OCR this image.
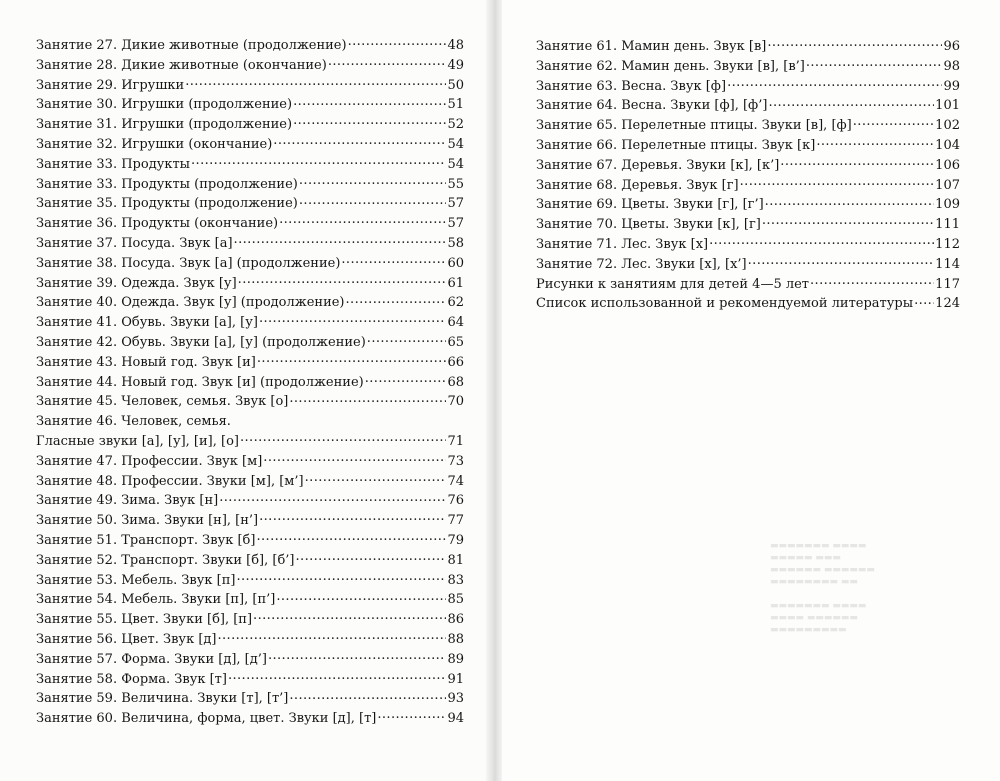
Занятие 27. Дикие животные (продолжение) .....	48
Занятие 28. Дикие животные (окончание) .....	49
Занятие 29. Игрушки .....	50
Занятие 30. Игрушки (продолжение) .....	51
Занятие 31. Игрушки (продолжение) .....	52
Занятие 32. Игрушки (окончание) .....	54
Занятие 33. Продукты .....	54
Занятие 33. Продукты (продолжение) .....	55
Занятие 35. Продукты (продолжение) .....	57
Занятие 36. Продукты (окончание) .....	57
Занятие 37. Посуда. Звук [а] .....	58
Занятие 38. Посуда. Звук [а] (продолжение) .....	60
Занятие 39. Одежда. Звук [у] .....	61
Занятие 40. Одежда. Звук [у] (продолжение) .....	62
Занятие 41. Обувь. Звуки [а], [у] .....	64
Занятие 42. Обувь. Звуки [а], [у] (продолжение) .....	65
Занятие 43. Новый год. Звук [и] .....	66
Занятие 44. Новый год. Звук [и] (продолжение) .....	68
Занятие 45. Человек, семья. Звук [о] .....	70
Занятие 46. Человек, семья.
Гласные звуки [а], [у], [и], [о] .....	71
Занятие 47. Профессии. Звук [м] .....	73
Занятие 48. Профессии. Звуки [м], [м’] .....	74
Занятие 49. Зима. Звук [н] .....	76
Занятие 50. Зима. Звуки [н], [н’] .....	77
Занятие 51. Транспорт. Звук [б] .....	79
Занятие 52. Транспорт. Звуки [б], [б’] .....	81
Занятие 53. Мебель. Звук [п] .....	83
Занятие 54. Мебель. Звуки [п], [п’] .....	85
Занятие 55. Цвет. Звуки [б], [п] .....	86
Занятие 56. Цвет. Звук [д] .....	88
Занятие 57. Форма. Звуки [д], [д’] .....	89
Занятие 58. Форма. Звук [т] .....	91
Занятие 59. Величина. Звуки [т], [т’] .....	93
Занятие 60. Величина, форма, цвет. Звуки [д], [т] .....	94
Занятие 61. Мамин день. Звук [в] .....	96
Занятие 62. Мамин день. Звуки [в], [в’] .....	98
Занятие 63. Весна. Звук [ф] .....	99
Занятие 64. Весна. Звуки [ф], [ф’] .....	101
Занятие 65. Перелетные птицы. Звуки [в], [ф] .....	102
Занятие 66. Перелетные птицы. Звук [к] .....	104
Занятие 67. Деревья. Звуки [к], [к’] .....	106
Занятие 68. Деревья. Звук [г] .....	107
Занятие 69. Цветы. Звуки [г], [г’] .....	109
Занятие 70. Цветы. Звуки [к], [г] .....	111
Занятие 71. Лес. Звук [х] .....	112
Занятие 72. Лес. Звуки [х], [х’] .....	114
Рисунки к занятиям для детей 4—5 лет .....	117
Список использованной и рекомендуемой литературы ..... 124
▬▬▬▬▬▬▬ ▬▬▬▬
▬▬▬▬▬ ▬▬▬
▬▬▬▬▬▬ ▬▬▬▬▬▬
▬▬▬▬▬▬▬▬ ▬▬

▬▬▬▬▬▬▬ ▬▬▬▬
▬▬▬▬ ▬▬▬▬▬▬
▬▬▬▬▬▬▬▬▬
